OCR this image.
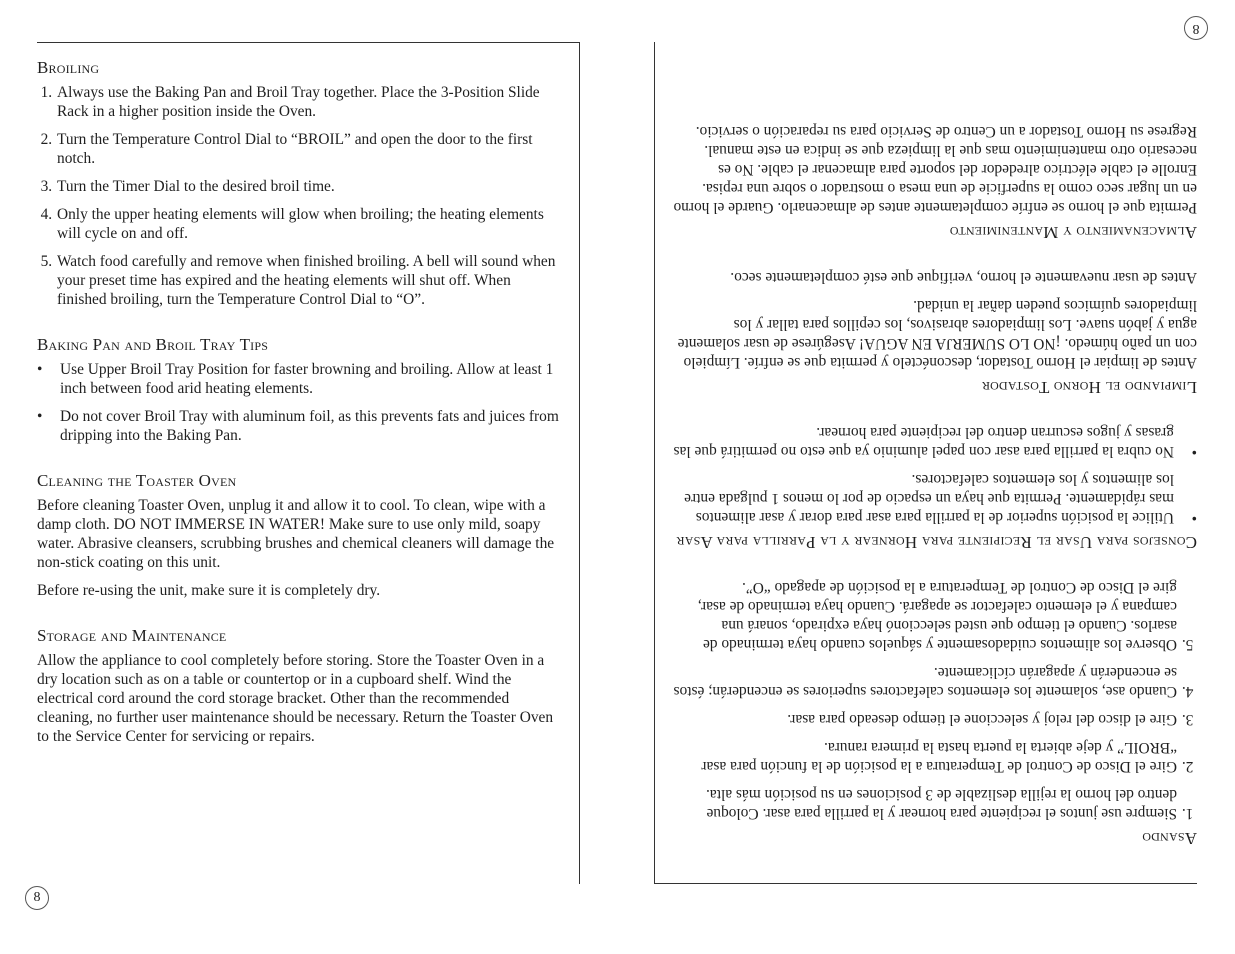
8
8
Broiling
1. Always use the Baking Pan and Broil Tray together. Place the 3-Position Slide Rack in a higher position inside the Oven.
2. Turn the Temperature Control Dial to “BROIL” and open the door to the first notch.
3. Turn the Timer Dial to the desired broil time.
4. Only the upper heating elements will glow when broiling; the heating elements will cycle on and off.
5. Watch food carefully and remove when finished broiling. A bell will sound when your preset time has expired and the heating elements will shut off. When finished broiling, turn the Temperature Control Dial to “O”.
Baking Pan and Broil Tray Tips
• Use Upper Broil Tray Position for faster browning and broiling. Allow at least 1 inch between food arid heating elements.
• Do not cover Broil Tray with aluminum foil, as this prevents fats and juices from dripping into the Baking Pan.
Cleaning the Toaster Oven

Before cleaning Toaster Oven, unplug it and allow it to cool. To clean, wipe with a damp cloth. DO NOT IMMERSE IN WATER! Make sure to use only mild, soapy water. Abrasive cleansers, scrubbing brushes and chemical cleaners will damage the non-stick coating on this unit.

Before re-using the unit, make sure it is completely dry.

Storage and Maintenance

Allow the appliance to cool completely before storing. Store the Toaster Oven in a dry location such as on a table or countertop or in a cupboard shelf. Wind the electrical cord around the cord storage bracket. Other than the recommended cleaning, no further user maintenance should be necessary. Return the Toaster Oven to the Service Center for servicing or repairs.

Asando
1. Siempre use juntos el recipiente para hornear y la parrilla para asar. Coloque dentro del horno la rejilla deslizable de 3 posiciones en su posición más alta.
2. Gire el Disco de Control de Temperatura a la posición de la función para asar “BROIL” y deje abierta la puerta hasta la primera ranura.
3. Gire el disco del reloj y seleccione el tiempo deseado para asar.
4. Cuando ase, solamente los elementos calefactores superiores se encenderán; éstos se encenderán y apagarán cíclicamente.
5. Observe los alimentos cuidadosamente y sáquelos cuando haya terminado de asarlos. Cuando el tiempo que usted seleccionó haya expirado, sonará una campana y el elemento calefactor se apagará. Cuando haya terminado de asar, gire el Disco de Control de Temperatura a la posición de apagado “O”.
Consejos para Usar el Recipiente para Hornear y la Parrilla para Asar
• Utilice la posición superior de la parrilla para asar para dorar y asar alimentos mas rápidamente. Permita que haya un espacio de por lo menos 1 pulgada entre los alimentos y los elementos calefactores.
• No cubra la parrilla para asar con papel aluminio ya que esto no permitirá que las grasas y jugos escurran dentro del recipiente para hornear.
Limpiando el Horno Tostador

Antes de limpiar el Horno Tostador, desconéctelo y permita que se enfríe. Límpielo con un paño húmedo. ¡NO LO SUMERJA EN AGUA! Asegúrese de usar solamente agua y jabón suave. Los limpiadores abrasivos, los cepillos para tallar y los limpiadores químicos pueden dañar la unidad.

Antes de usar nuevamente el horno, verifique que esté completamente seco.

Almacenamiento y Mantenimiento

Permita que el horno se enfríe completamente antes de almacenarlo. Guarde el horno en un lugar seco como la superficie de una mesa o mostrador o sobre una repisa. Enrolle el cable eléctrico alrededor del soporte para almacenar el cable. No es necesario otro mantenimiento mas que la limpieza que se indica en este manual. Regrese su Horno Tostador a un Centro de Servicio para su reparación o servicio.
